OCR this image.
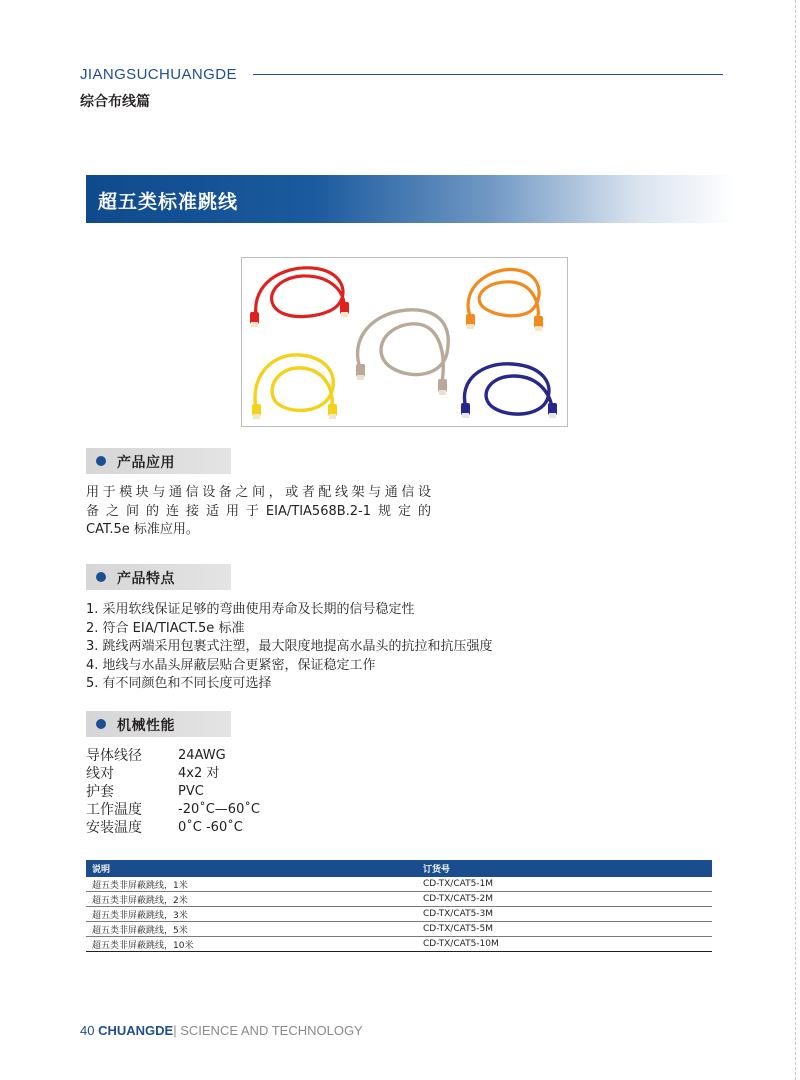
JIANGSUCHUANGDE
综合布线篇
超五类标准跳线
产品应用

用于模块与通信设备之间，或者配线架与通信设

备之间的连接适用于EIA/TIA568B.2-1规定的

CAT.5e 标准应用。

产品特点
1. 采用软线保证足够的弯曲使用寿命及长期的信号稳定性
2. 符合 EIA/TIACT.5e 标准
3. 跳线两端采用包裹式注塑，最大限度地提高水晶头的抗拉和抗压强度
4. 地线与水晶头屏蔽层贴合更紧密，保证稳定工作
5. 有不同颜色和不同长度可选择
机械性能
导体线径	24AWG
线对	4x2 对
护套	PVC
工作温度	-20˚C—60˚C
安装温度	0˚C -60˚C
说明	订货号
超五类非屏蔽跳线，1米	CD-TX/CAT5-1M
超五类非屏蔽跳线，2米	CD-TX/CAT5-2M
超五类非屏蔽跳线，3米	CD-TX/CAT5-3M
超五类非屏蔽跳线，5米	CD-TX/CAT5-5M
超五类非屏蔽跳线，10米	CD-TX/CAT5-10M
40 CHUANGDE| SCIENCE AND TECHNOLOGY
